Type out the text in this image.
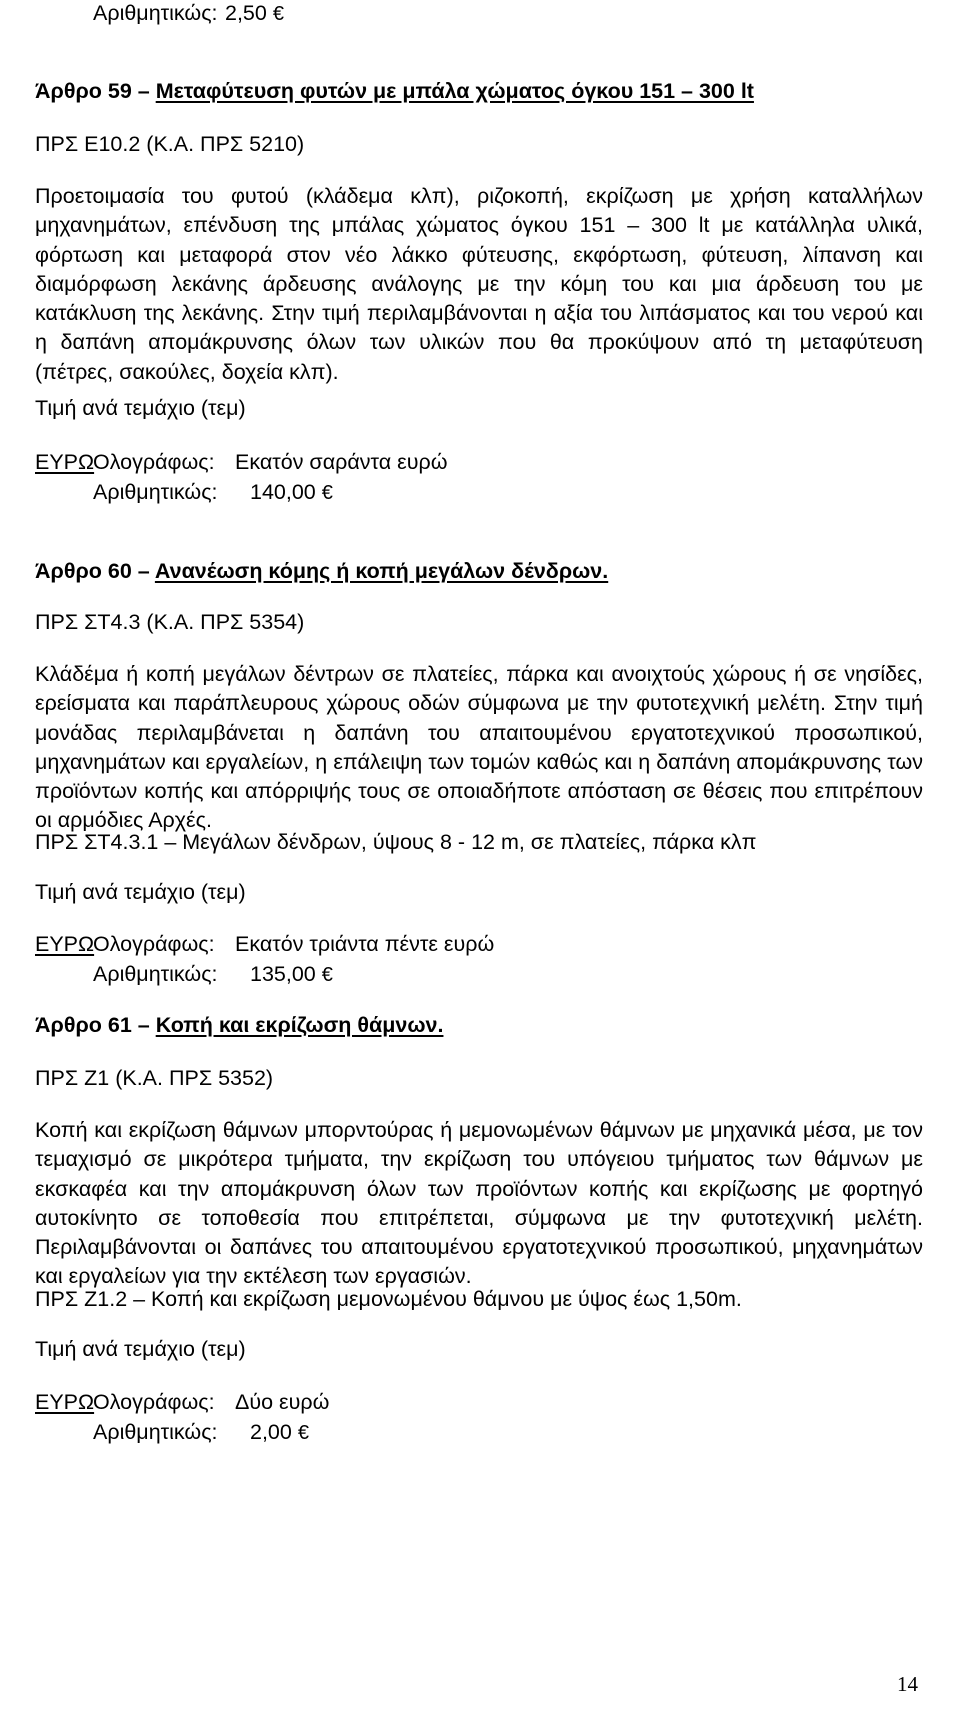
Αριθμητικώς: 2,50 €
Άρθρο 59 – Μεταφύτευση φυτών με μπάλα χώματος όγκου 151 – 300 lt
ΠΡΣ Ε10.2 (Κ.Α. ΠΡΣ 5210)
Προετοιμασία του φυτού (κλάδεμα κλπ), ριζοκοπή, εκρίζωση με χρήση καταλλήλων μηχανημάτων, επένδυση της μπάλας χώματος όγκου 151 – 300 lt με κατάλληλα υλικά, φόρτωση και μεταφορά στον νέο λάκκο φύτευσης, εκφόρτωση, φύτευση, λίπανση και διαμόρφωση λεκάνης άρδευσης ανάλογης με την κόμη του και μια άρδευση του με κατάκλυση της λεκάνης. Στην τιμή περιλαμβάνονται η αξία του λιπάσματος και του νερού και η δαπάνη απομάκρυνσης όλων των υλικών που θα προκύψουν από τη μεταφύτευση (πέτρες, σακούλες, δοχεία κλπ).
Τιμή ανά τεμάχιο (τεμ)
ΕΥΡΩΟλογράφως: Εκατόν σαράντα ευρώ
Αριθμητικώς: 140,00 €
Άρθρο 60 – Ανανέωση κόμης ή κοπή μεγάλων δένδρων.
ΠΡΣ ΣΤ4.3 (Κ.Α. ΠΡΣ 5354)
Κλάδέμα ή κοπή μεγάλων δέντρων σε πλατείες, πάρκα και ανοιχτούς χώρους ή σε νησίδες, ερείσματα και παράπλευρους χώρους οδών σύμφωνα με την φυτοτεχνική μελέτη. Στην τιμή μονάδας περιλαμβάνεται η δαπάνη του απαιτουμένου εργατοτεχνικού προσωπικού, μηχανημάτων και εργαλείων, η επάλειψη των τομών καθώς και η δαπάνη απομάκρυνσης των προϊόντων κοπής και απόρριψής τους σε οποιαδήποτε απόσταση σε θέσεις που επιτρέπουν οι αρμόδιες Αρχές.
ΠΡΣ ΣΤ4.3.1 – Μεγάλων δένδρων, ύψους 8 - 12 m, σε πλατείες, πάρκα κλπ
Τιμή ανά τεμάχιο (τεμ)
ΕΥΡΩΟλογράφως: Εκατόν τριάντα πέντε ευρώ
Αριθμητικώς: 135,00 €
Άρθρο 61 – Κοπή και εκρίζωση θάμνων.
ΠΡΣ Ζ1 (Κ.Α. ΠΡΣ 5352)
Κοπή και εκρίζωση θάμνων μπορντούρας ή μεμονωμένων θάμνων με μηχανικά μέσα, με τον τεμαχισμό σε μικρότερα τμήματα, την εκρίζωση του υπόγειου τμήματος των θάμνων με εκσκαφέα και την απομάκρυνση όλων των προϊόντων κοπής και εκρίζωσης με φορτηγό αυτοκίνητο σε τοποθεσία που επιτρέπεται, σύμφωνα με την φυτοτεχνική μελέτη. Περιλαμβάνονται οι δαπάνες του απαιτουμένου εργατοτεχνικού προσωπικού, μηχανημάτων και εργαλείων για την εκτέλεση των εργασιών.
ΠΡΣ Ζ1.2 – Κοπή και εκρίζωση μεμονωμένου θάμνου με ύψος έως 1,50m.
Τιμή ανά τεμάχιο (τεμ)
ΕΥΡΩΟλογράφως: Δύο ευρώ
Αριθμητικώς: 2,00 €
14
